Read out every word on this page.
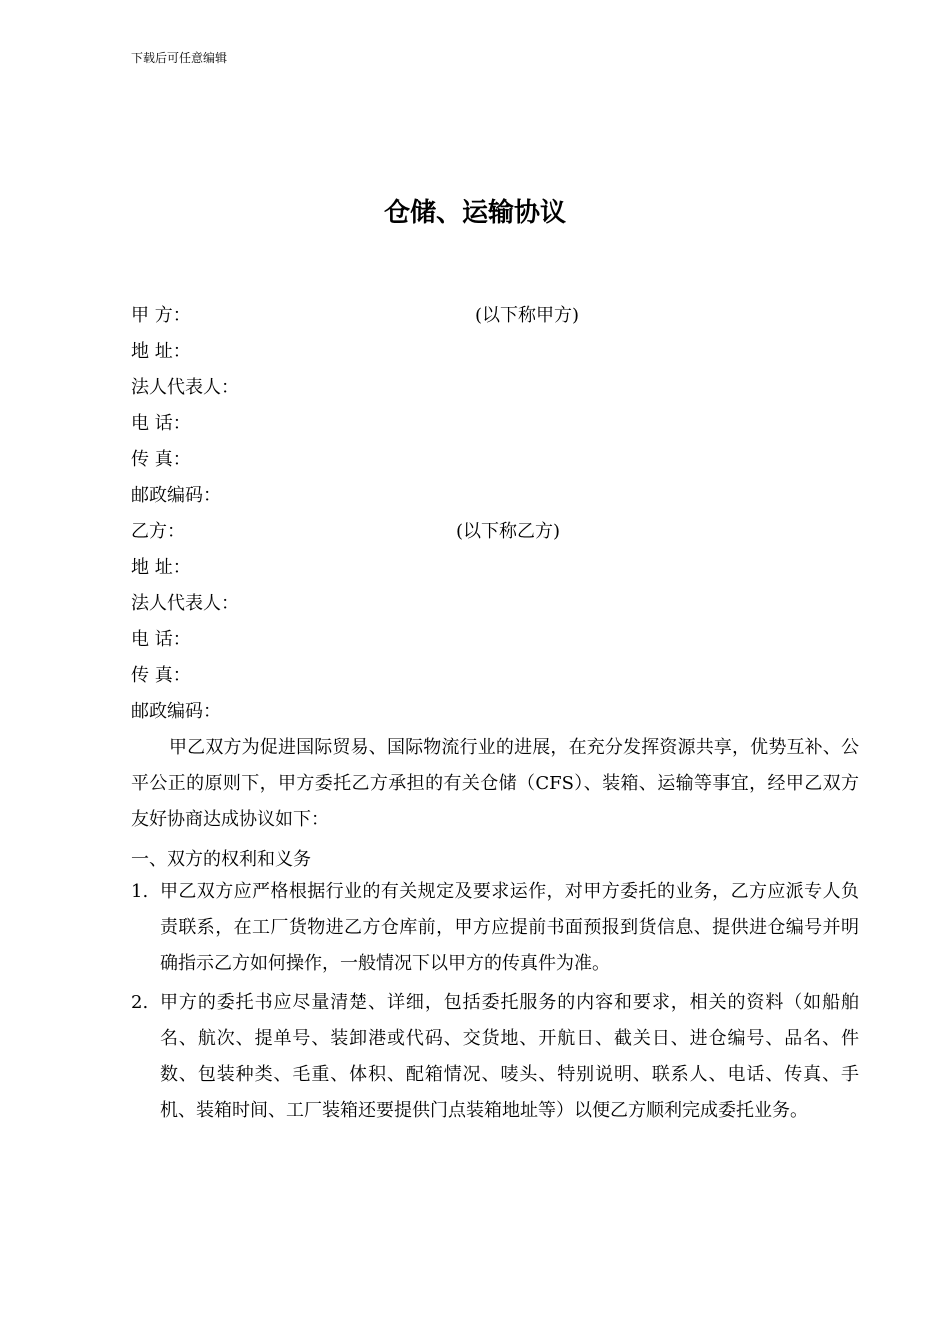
下载后可任意编辑
仓储、运输协议
甲 方：	(以下称甲方)
地 址：
法人代表人：
电 话：
传 真：
邮政编码：
乙方：	(以下称乙方)
地 址：
法人代表人：
电 话：
传 真：
邮政编码：

甲乙双方为促进国际贸易、国际物流行业的进展，在充分发挥资源共享，优势互补、公平公正的原则下，甲方委托乙方承担的有关仓储（CFS）、装箱、运输等事宜，经甲乙双方友好协商达成协议如下：

一、双方的权利和义务
1. 甲乙双方应严格根据行业的有关规定及要求运作，对甲方委托的业务，乙方应派专人负责联系，在工厂货物进乙方仓库前，甲方应提前书面预报到货信息、提供进仓编号并明确指示乙方如何操作，一般情况下以甲方的传真件为准。
2. 甲方的委托书应尽量清楚、详细，包括委托服务的内容和要求，相关的资料（如船舶名、航次、提单号、装卸港或代码、交货地、开航日、截关日、进仓编号、品名、件数、包装种类、毛重、体积、配箱情况、唛头、特别说明、联系人、电话、传真、手机、装箱时间、工厂装箱还要提供门点装箱地址等）以便乙方顺利完成委托业务。
